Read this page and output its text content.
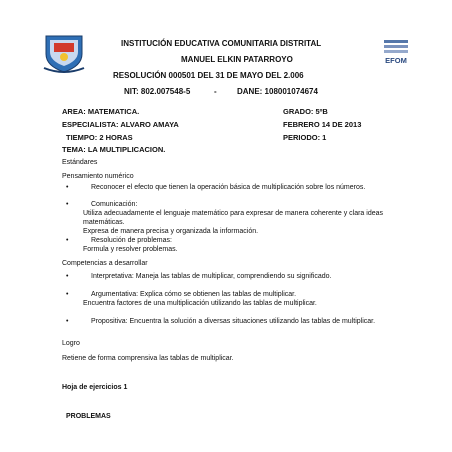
EFOM
INSTITUCIÓN EDUCATIVA COMUNITARIA DISTRITAL
MANUEL ELKIN PATARROYO
RESOLUCIÓN 000501 DEL 31 DE MAYO DEL 2.006
NIT: 802.007548-5	-	DANE: 108001074674
AREA: MATEMATICA.	GRADO: 5ºB
ESPECIALISTA: ALVARO AMAYA	FEBRERO 14 DE 2013
TIEMPO: 2 HORAS	PERIODO: 1
TEMA: LA MULTIPLICACION.
Estándares
Pensamiento numérico
•	Reconocer el efecto que tienen la operación básica de multiplicación sobre los números.
•	Comunicación:
Utiliza adecuadamente el lenguaje matemático para expresar de manera coherente y clara ideas matemáticas.
Expresa de manera precisa y organizada la información.
•	Resolución de problemas:
Formula y resolver problemas.
Competencias a desarrollar
•	Interpretativa: Maneja las tablas de multiplicar, comprendiendo su significado.
•	Argumentativa: Explica cómo se obtienen las tablas de multiplicar.
Encuentra factores de una multiplicación utilizando las tablas de multiplicar.
•	Propositiva: Encuentra la solución a diversas situaciones utilizando las tablas de multiplicar.
Logro
Retiene de forma comprensiva las tablas de multiplicar.
Hoja de ejercicios 1
PROBLEMAS
